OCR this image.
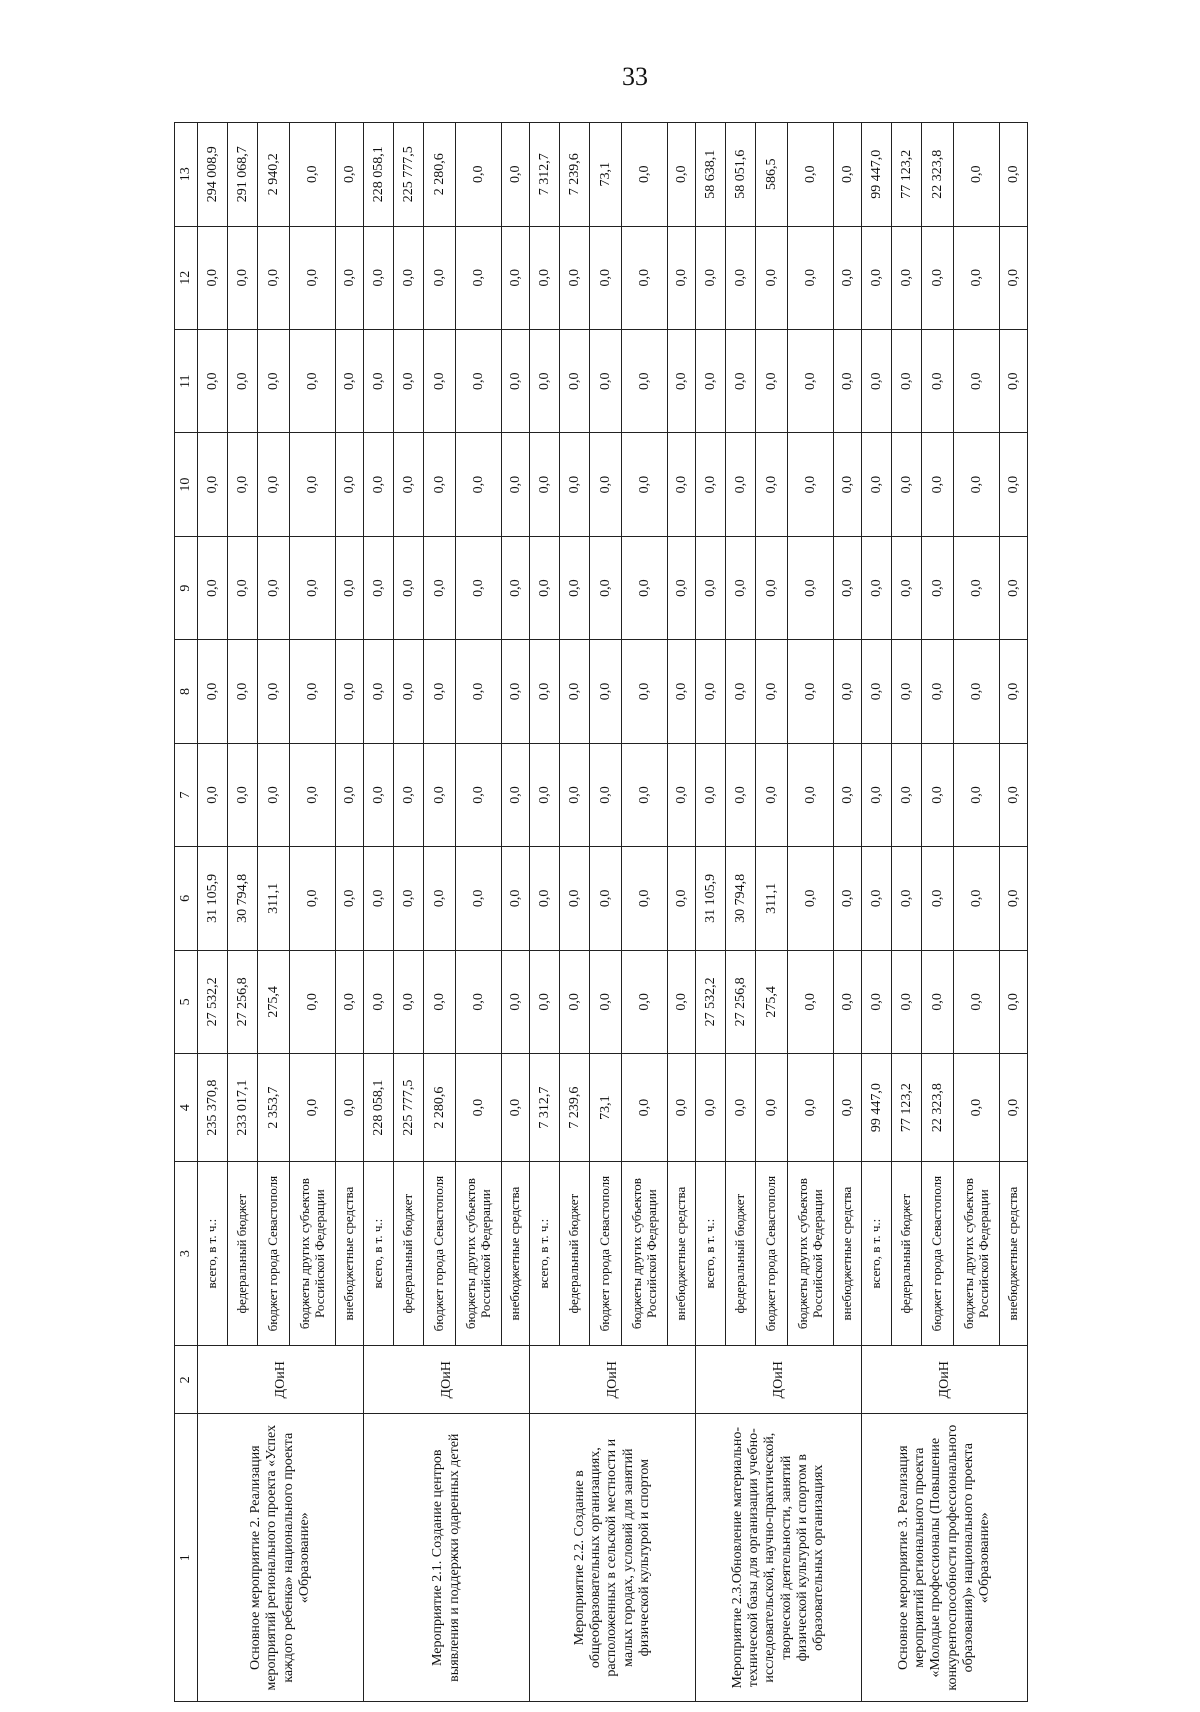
33
1	2	3	4	5	6	7	8	9	10	11	12	13
Основное мероприятие 2. Реализация мероприятий регионального проекта «Успех каждого ребенка» национального проекта «Образование»	ДОиН	всего, в т. ч.:	235 370,8	27 532,2	31 105,9	0,0	0,0	0,0	0,0	0,0	0,0	294 008,9
		федеральный бюджет	233 017,1	27 256,8	30 794,8	0,0	0,0	0,0	0,0	0,0	0,0	291 068,7
		бюджет города Севастополя	2 353,7	275,4	311,1	0,0	0,0	0,0	0,0	0,0	0,0	2 940,2
		бюджеты других субъектов Российской Федерации	0,0	0,0	0,0	0,0	0,0	0,0	0,0	0,0	0,0	0,0
		внебюджетные средства	0,0	0,0	0,0	0,0	0,0	0,0	0,0	0,0	0,0	0,0
Мероприятие 2.1. Создание центров выявления и поддержки одаренных детей	ДОиН	всего, в т. ч.:	228 058,1	0,0	0,0	0,0	0,0	0,0	0,0	0,0	0,0	228 058,1
		федеральный бюджет	225 777,5	0,0	0,0	0,0	0,0	0,0	0,0	0,0	0,0	225 777,5
		бюджет города Севастополя	2 280,6	0,0	0,0	0,0	0,0	0,0	0,0	0,0	0,0	2 280,6
		бюджеты других субъектов Российской Федерации	0,0	0,0	0,0	0,0	0,0	0,0	0,0	0,0	0,0	0,0
		внебюджетные средства	0,0	0,0	0,0	0,0	0,0	0,0	0,0	0,0	0,0	0,0
Мероприятие 2.2. Создание в общеобразовательных организациях, расположенных в сельской местности и малых городах, условий для занятий физической культурой и спортом	ДОиН	всего, в т. ч.:	7 312,7	0,0	0,0	0,0	0,0	0,0	0,0	0,0	0,0	7 312,7
		федеральный бюджет	7 239,6	0,0	0,0	0,0	0,0	0,0	0,0	0,0	0,0	7 239,6
		бюджет города Севастополя	73,1	0,0	0,0	0,0	0,0	0,0	0,0	0,0	0,0	73,1
		бюджеты других субъектов Российской Федерации	0,0	0,0	0,0	0,0	0,0	0,0	0,0	0,0	0,0	0,0
		внебюджетные средства	0,0	0,0	0,0	0,0	0,0	0,0	0,0	0,0	0,0	0,0
Мероприятие 2.3.Обновление материально-технической базы для организации учебно-исследовательской, научно-практической, творческой деятельности, занятий физической культурой и спортом в образовательных организациях	ДОиН	всего, в т. ч.:	0,0	27 532,2	31 105,9	0,0	0,0	0,0	0,0	0,0	0,0	58 638,1
		федеральный бюджет	0,0	27 256,8	30 794,8	0,0	0,0	0,0	0,0	0,0	0,0	58 051,6
		бюджет города Севастополя	0,0	275,4	311,1	0,0	0,0	0,0	0,0	0,0	0,0	586,5
		бюджеты других субъектов Российской Федерации	0,0	0,0	0,0	0,0	0,0	0,0	0,0	0,0	0,0	0,0
		внебюджетные средства	0,0	0,0	0,0	0,0	0,0	0,0	0,0	0,0	0,0	0,0
Основное мероприятие 3. Реализация мероприятий регионального проекта «Молодые профессионалы (Повышение конкурентоспособности профессионального образования)» национального проекта «Образование»	ДОиН	всего, в т. ч.:	99 447,0	0,0	0,0	0,0	0,0	0,0	0,0	0,0	0,0	99 447,0
		федеральный бюджет	77 123,2	0,0	0,0	0,0	0,0	0,0	0,0	0,0	0,0	77 123,2
		бюджет города Севастополя	22 323,8	0,0	0,0	0,0	0,0	0,0	0,0	0,0	0,0	22 323,8
		бюджеты других субъектов Российской Федерации	0,0	0,0	0,0	0,0	0,0	0,0	0,0	0,0	0,0	0,0
		внебюджетные средства	0,0	0,0	0,0	0,0	0,0	0,0	0,0	0,0	0,0	0,0
